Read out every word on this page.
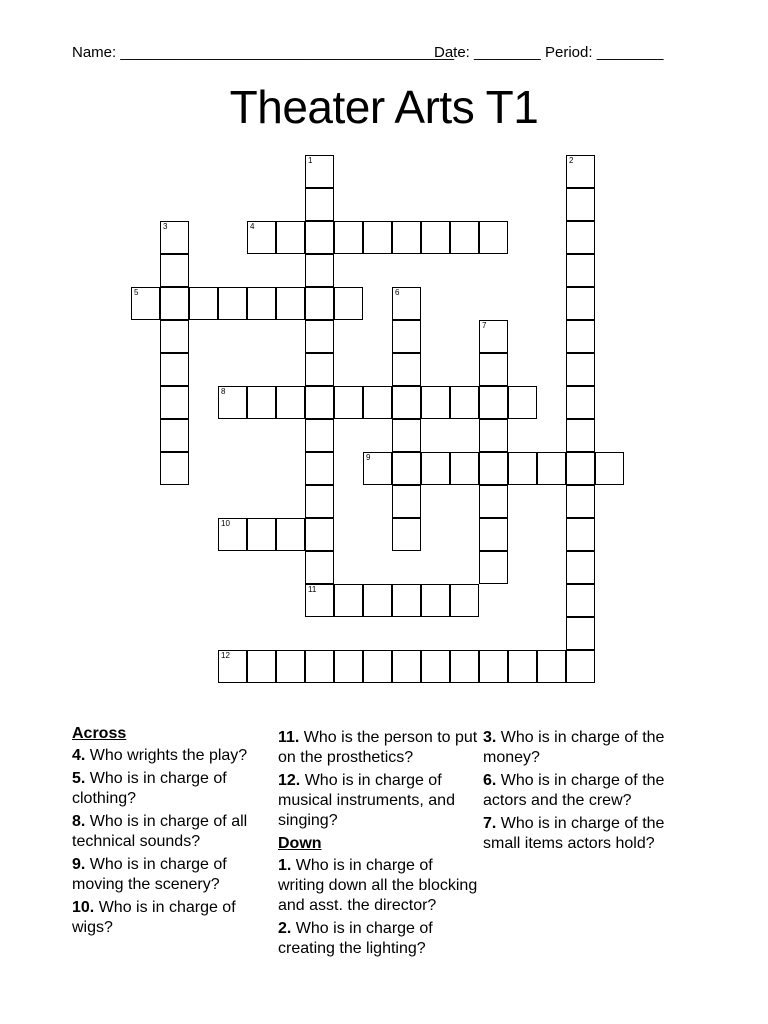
Name: ________________________________________
Date: ________ Period: ________
Theater Arts T1
1	2
3	4
5	6
7
8
9
10
11
12
Across
4. Who wrights the play?
5. Who is in charge of clothing?
8. Who is in charge of all technical sounds?
9. Who is in charge of moving the scenery?
10. Who is in charge of wigs?
11. Who is the person to put on the prosthetics?
12. Who is in charge of musical instruments, and singing?
Down
1. Who is in charge of writing down all the blocking and asst. the director?
2. Who is in charge of creating the lighting?
3. Who is in charge of the money?
6. Who is in charge of the actors and the crew?
7. Who is in charge of the small items actors hold?
